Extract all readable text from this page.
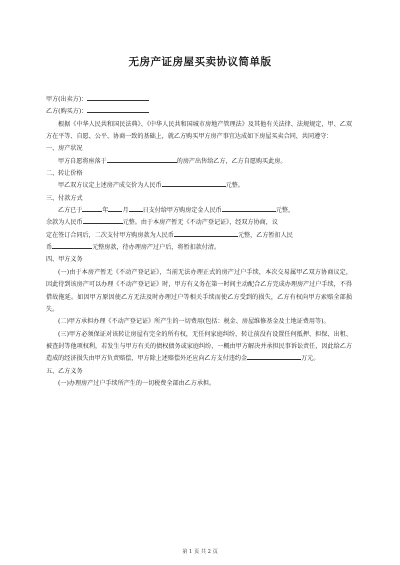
无房产证房屋买卖协议简单版
甲方(出卖方)：
乙方(购买方)：
根据《中华人民共和国民法典》、《中华人民共和国城市房地产管理法》及其他有关法律、法规规定，甲、乙双方在平等、自愿、公平、协商一致的基础上，就乙方购买甲方房产事宜达成如下房屋买卖合同，共同遵守：
一、房产状况
甲方自愿将座落于	的房产出售给乙方，乙方自愿购买此房。
二、转让价格
甲乙双方议定上述房产成交价为人民币	元整。
三、付款方式
乙方已于	年 月 日支付给甲方购房定金人民币	元整，
余款为人民币	元整。由于本房产暂无《不动产登记证》，经双方协商，议
定在签订合同后，二次支付甲方购房款为人民币	元整，乙方暂扣人民
币	元整房款，待办理房产过户后，将暂扣款付清。
四、甲方义务
(一)由于本房产暂无《不动产登记证》，当前无法办理正式的房产过户手续，本次交易属甲乙双方协商议定，因此待到该房产可以办理《不动产登记证》时，甲方有义务在第一时间主动配合乙方完成办理房产过户手续，不得借故拖延。如因甲方原因使乙方无法及时办理过户等相关手续而使乙方受到的损失，乙方有权向甲方索赔全部损失。
(二)甲方承担办理《不动产登记证》所产生的一切费用(包括：税金、房屋维修基金及土地证费用等)。
(三)甲方必须保证对该转让房屋有完全的所有权，无任何家庭纠纷，转让前没有设置任何抵押、担保、出租、被查封等他项权利，若发生与甲方有关的债权债务或家庭纠纷，一概由甲方解决并承担民事诉讼责任，因此给乙方造成的经济损失由甲方负责赔偿，甲方除上述赔偿外还应向乙方支付违约金	万元。
五、乙方义务
(一)办理房产过户手续所产生的一切税费全部由乙方承担。
第 1 页 共 2 页
